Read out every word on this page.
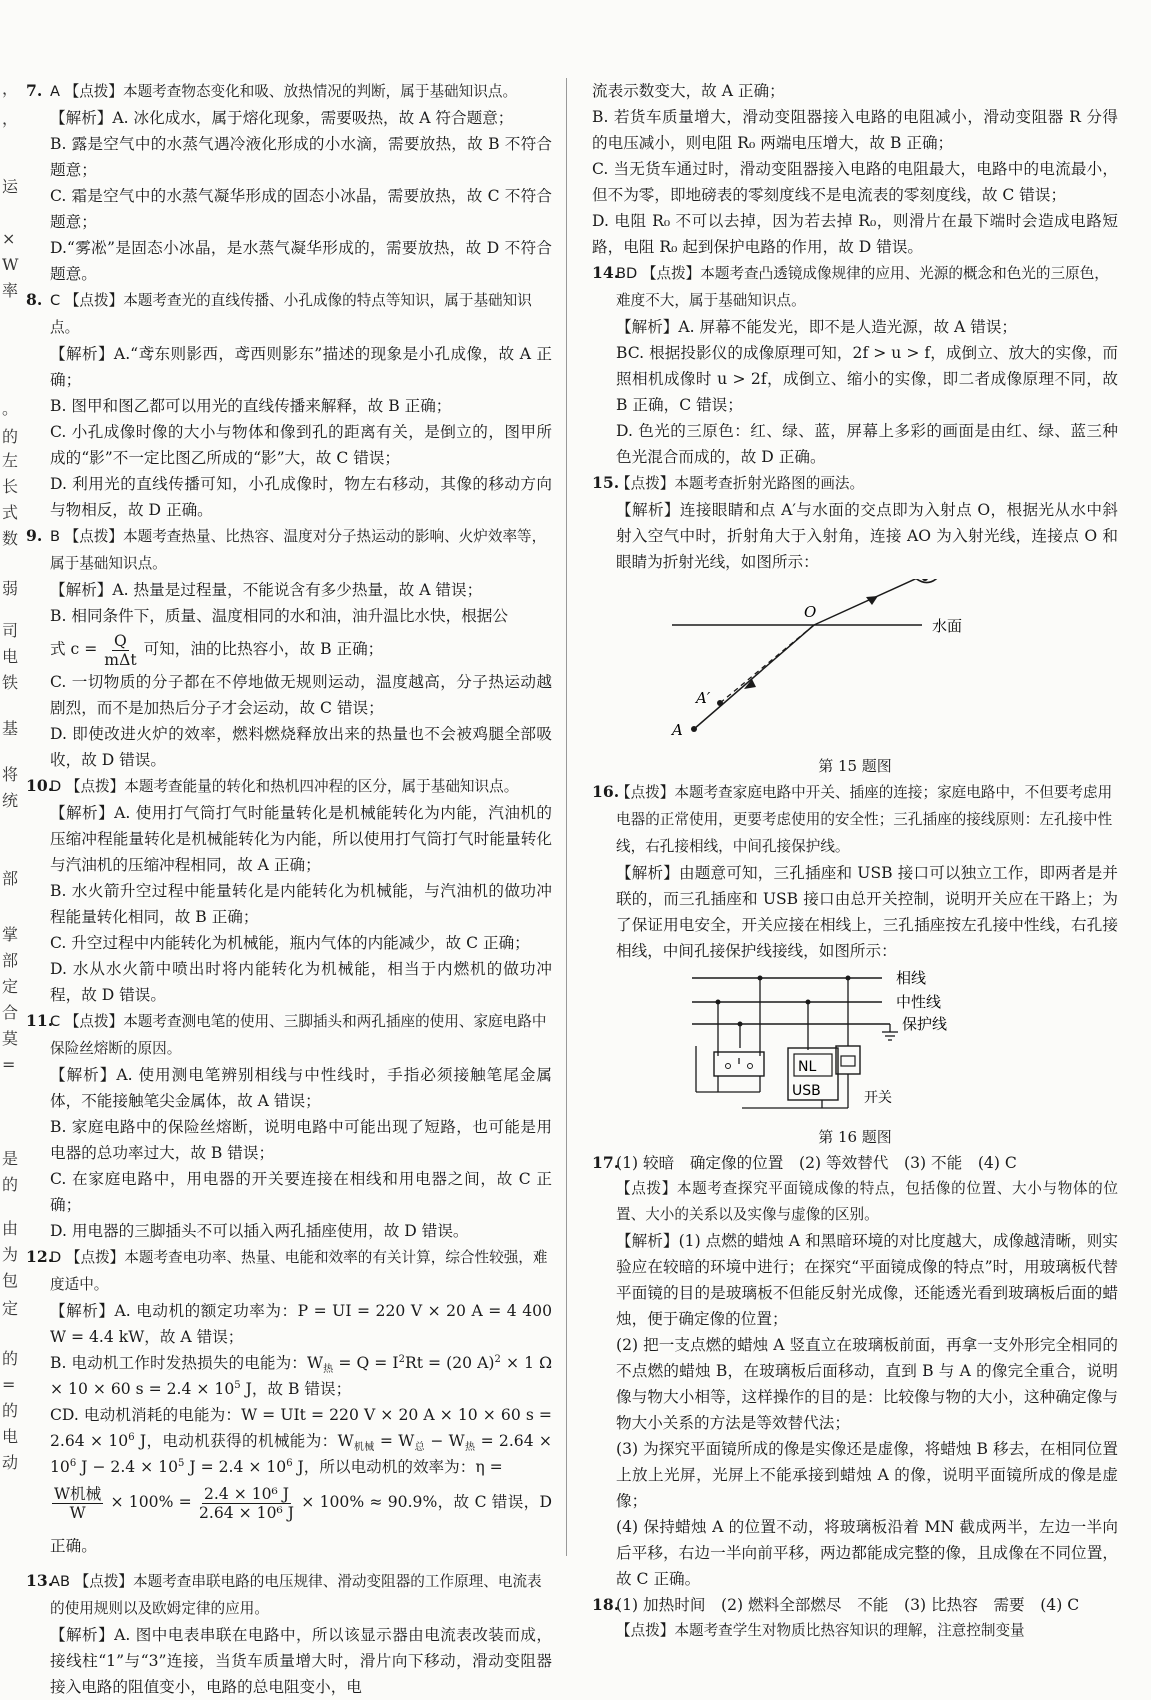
，
，
运
×
W
率
。
的
左
长
式
数
弱
司
电
铁
基
将
统
部
掌
部
定
合
莫
=
是
的
由
为
包
定
的
=
的
电
动
7. A 【点拨】本题考查物态变化和吸、放热情况的判断，属于基础知识点。

【解析】A. 冰化成水，属于熔化现象，需要吸热，故 A 符合题意；

B. 露是空气中的水蒸气遇冷液化形成的小水滴，需要放热，故 B 不符合题意；

C. 霜是空气中的水蒸气凝华形成的固态小冰晶，需要放热，故 C 不符合题意；

D.“雾凇”是固态小冰晶，是水蒸气凝华形成的，需要放热，故 D 不符合题意。

8. C 【点拨】本题考查光的直线传播、小孔成像的特点等知识，属于基础知识点。

【解析】A.“鸢东则影西，鸢西则影东”描述的现象是小孔成像，故 A 正确；

B. 图甲和图乙都可以用光的直线传播来解释，故 B 正确；

C. 小孔成像时像的大小与物体和像到孔的距离有关，是倒立的，图甲所成的“影”不一定比图乙所成的“影”大，故 C 错误；

D. 利用光的直线传播可知，小孔成像时，物左右移动，其像的移动方向与物相反，故 D 正确。

9. B 【点拨】本题考查热量、比热容、温度对分子热运动的影响、火炉效率等，属于基础知识点。

【解析】A. 热量是过程量，不能说含有多少热量，故 A 错误；

B. 相同条件下，质量、温度相同的水和油，油升温比水快，根据公

式 $c = \frac{Q}{\text{mΔt}}$ 可知，油的比热容小，故 B 正确；

C. 一切物质的分子都在不停地做无规则运动，温度越高，分子热运动越剧烈，而不是加热后分子才会运动，故 C 错误；

D. 即使改进火炉的效率，燃料燃烧释放出来的热量也不会被鸡腿全部吸收，故 D 错误。

10.
D 【点拨】本题考查能量的转化和热机四冲程的区分，属于基础知识点。

【解析】A. 使用打气筒打气时能量转化是机械能转化为内能，汽油机的压缩冲程能量转化是机械能转化为内能，所以使用打气筒打气时能量转化与汽油机的压缩冲程相同，故 A 正确；

B. 水火箭升空过程中能量转化是内能转化为机械能，与汽油机的做功冲程能量转化相同，故 B 正确；

C. 升空过程中内能转化为机械能，瓶内气体的内能减少，故 C 正确；

D. 水从水火箭中喷出时将内能转化为机械能，相当于内燃机的做功冲程，故 D 错误。

11.
C 【点拨】本题考查测电笔的使用、三脚插头和两孔插座的使用、家庭电路中保险丝熔断的原因。

【解析】A. 使用测电笔辨别相线与中性线时，手指必须接触笔尾金属体，不能接触笔尖金属体，故 A 错误；

B. 家庭电路中的保险丝熔断，说明电路中可能出现了短路，也可能是用电器的总功率过大，故 B 错误；

C. 在家庭电路中，用电器的开关要连接在相线和用电器之间，故 C 正确；

D. 用电器的三脚插头不可以插入两孔插座使用，故 D 错误。

12.
D 【点拨】本题考查电功率、热量、电能和效率的有关计算，综合性较强，难度适中。

【解析】A. 电动机的额定功率为：P = UI = 220 V × 20 A = 4 400 W = 4.4 kW，故 A 错误；

B. 电动机工作时发热损失的电能为：$W_热 = Q = I^2Rt = (20$ A)$^2$ × 1 Ω × 10 × 60 $s = 2.4 \times 10^5$ J，故 B 错误；

CD. 电动机消耗的电能为：W = UIt = 220 V × 20 A × 10 × 60 $s = 2.64 \times 10^6$ J，电动机获得的机械能为：$W_{机械} = W_总 - W_热 = 2.64 \times 10^6$ $J - 2.4 \times 10^5$ $J = 2.4 \times 10^6$ J，所以电动机的效率为：η =

$\frac{\text{W机械}}{W} \times 100\% = \frac{\text{2.4 × 10⁶ J}}{\text{2.64 × 10⁶ J}} \times 100\% \approx 90.9\%$，故 C 错误，D 正确。

13.
AB 【点拨】本题考查串联电路的电压规律、滑动变阻器的工作原理、电流表的使用规则以及欧姆定律的应用。

【解析】A. 图中电表串联在电路中，所以该显示器由电流表改装而成，接线柱“1”与“3”连接，当货车质量增大时，滑片向下移动，滑动变阻器接入电路的阻值变小，电路的总电阻变小，电

流表示数变大，故 A 正确；

B. 若货车质量增大，滑动变阻器接入电路的电阻减小，滑动变阻器 R 分得的电压减小，则电阻 R₀ 两端电压增大，故 B 正确；

C. 当无货车通过时，滑动变阻器接入电路的电阻最大，电路中的电流最小，但不为零，即地磅表的零刻度线不是电流表的零刻度线，故 C 错误；

D. 电阻 R₀ 不可以去掉，因为若去掉 R₀，则滑片在最下端时会造成电路短路，电阻 R₀ 起到保护电路的作用，故 D 错误。

14.
BD 【点拨】本题考查凸透镜成像规律的应用、光源的概念和色光的三原色，难度不大，属于基础知识点。

【解析】A. 屏幕不能发光，即不是人造光源，故 A 错误；

BC. 根据投影仪的成像原理可知，2f > u > f，成倒立、放大的实像，而照相机成像时 u > 2f，成倒立、缩小的实像，即二者成像原理不同，故 B 正确，C 错误；

D. 色光的三原色：红、绿、蓝，屏幕上多彩的画面是由红、绿、蓝三种色光混合而成的，故 D 正确。

15.
【点拨】本题考查折射光路图的画法。

【解析】连接眼睛和点 A′与水面的交点即为入射点 O，根据光从水中斜射入空气中时，折射角大于入射角，连接 AO 为入射光线，连接点 O 和眼睛为折射光线，如图所示：

O
水面
A′
A

第 15 题图

16.
【点拨】本题考查家庭电路中开关、插座的连接；家庭电路中，不但要考虑用电器的正常使用，更要考虑使用的安全性；三孔插座的接线原则：左孔接中性线，右孔接相线，中间孔接保护线。

【解析】由题意可知，三孔插座和 USB 接口可以独立工作，即两者是并联的，而三孔插座和 USB 接口由总开关控制，说明开关应在干路上；为了保证用电安全，开关应接在相线上，三孔插座按左孔接中性线，右孔接相线，中间孔接保护线接线，如图所示：

NL
USB	开关
相线
中性线
保护线

第 16 题图

17.
(1) 较暗　确定像的位置　(2) 等效替代　(3) 不能　(4) C

【点拨】本题考查探究平面镜成像的特点，包括像的位置、大小与物体的位置、大小的关系以及实像与虚像的区别。

【解析】(1) 点燃的蜡烛 A 和黑暗环境的对比度越大，成像越清晰，则实验应在较暗的环境中进行；在探究“平面镜成像的特点”时，用玻璃板代替平面镜的目的是玻璃板不但能反射光成像，还能透光看到玻璃板后面的蜡烛，便于确定像的位置；

(2) 把一支点燃的蜡烛 A 竖直立在玻璃板前面，再拿一支外形完全相同的不点燃的蜡烛 B，在玻璃板后面移动，直到 B 与 A 的像完全重合，说明像与物大小相等，这样操作的目的是：比较像与物的大小，这种确定像与物大小关系的方法是等效替代法；

(3) 为探究平面镜所成的像是实像还是虚像，将蜡烛 B 移去，在相同位置上放上光屏，光屏上不能承接到蜡烛 A 的像，说明平面镜所成的像是虚像；

(4) 保持蜡烛 A 的位置不动，将玻璃板沿着 MN 截成两半，左边一半向后平移，右边一半向前平移，两边都能成完整的像，且成像在不同位置，故 C 正确。

18.
(1) 加热时间　(2) 燃料全部燃尽　不能　(3) 比热容　需要　(4) C

【点拨】本题考查学生对物质比热容知识的理解，注意控制变量
